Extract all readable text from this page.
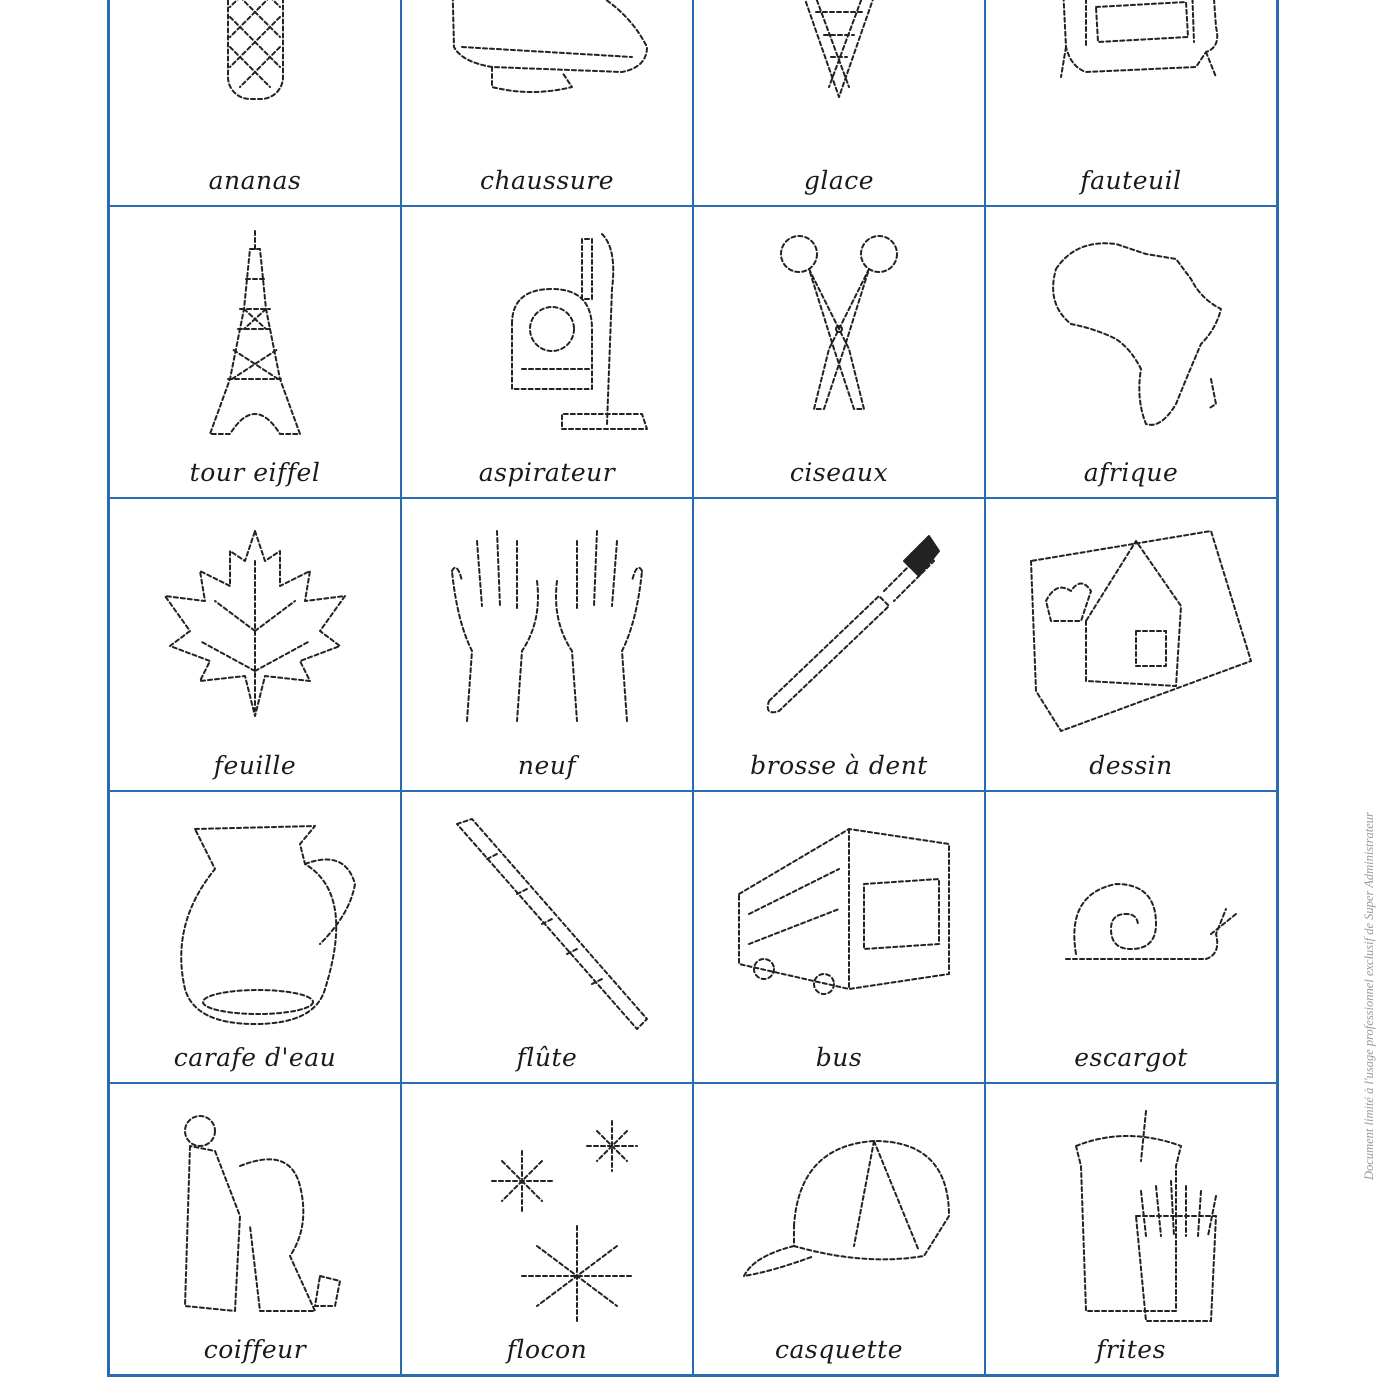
ananas	chaussure	glace	fauteuil
tour eiffel	aspirateur	ciseaux	afrique
feuille	neuf	brosse à dent	dessin
carafe d'eau	flûte	bus	escargot
coiffeur	flocon	casquette	frites
Document limité à l'usage professionnel exclusif de Super Administrateur
